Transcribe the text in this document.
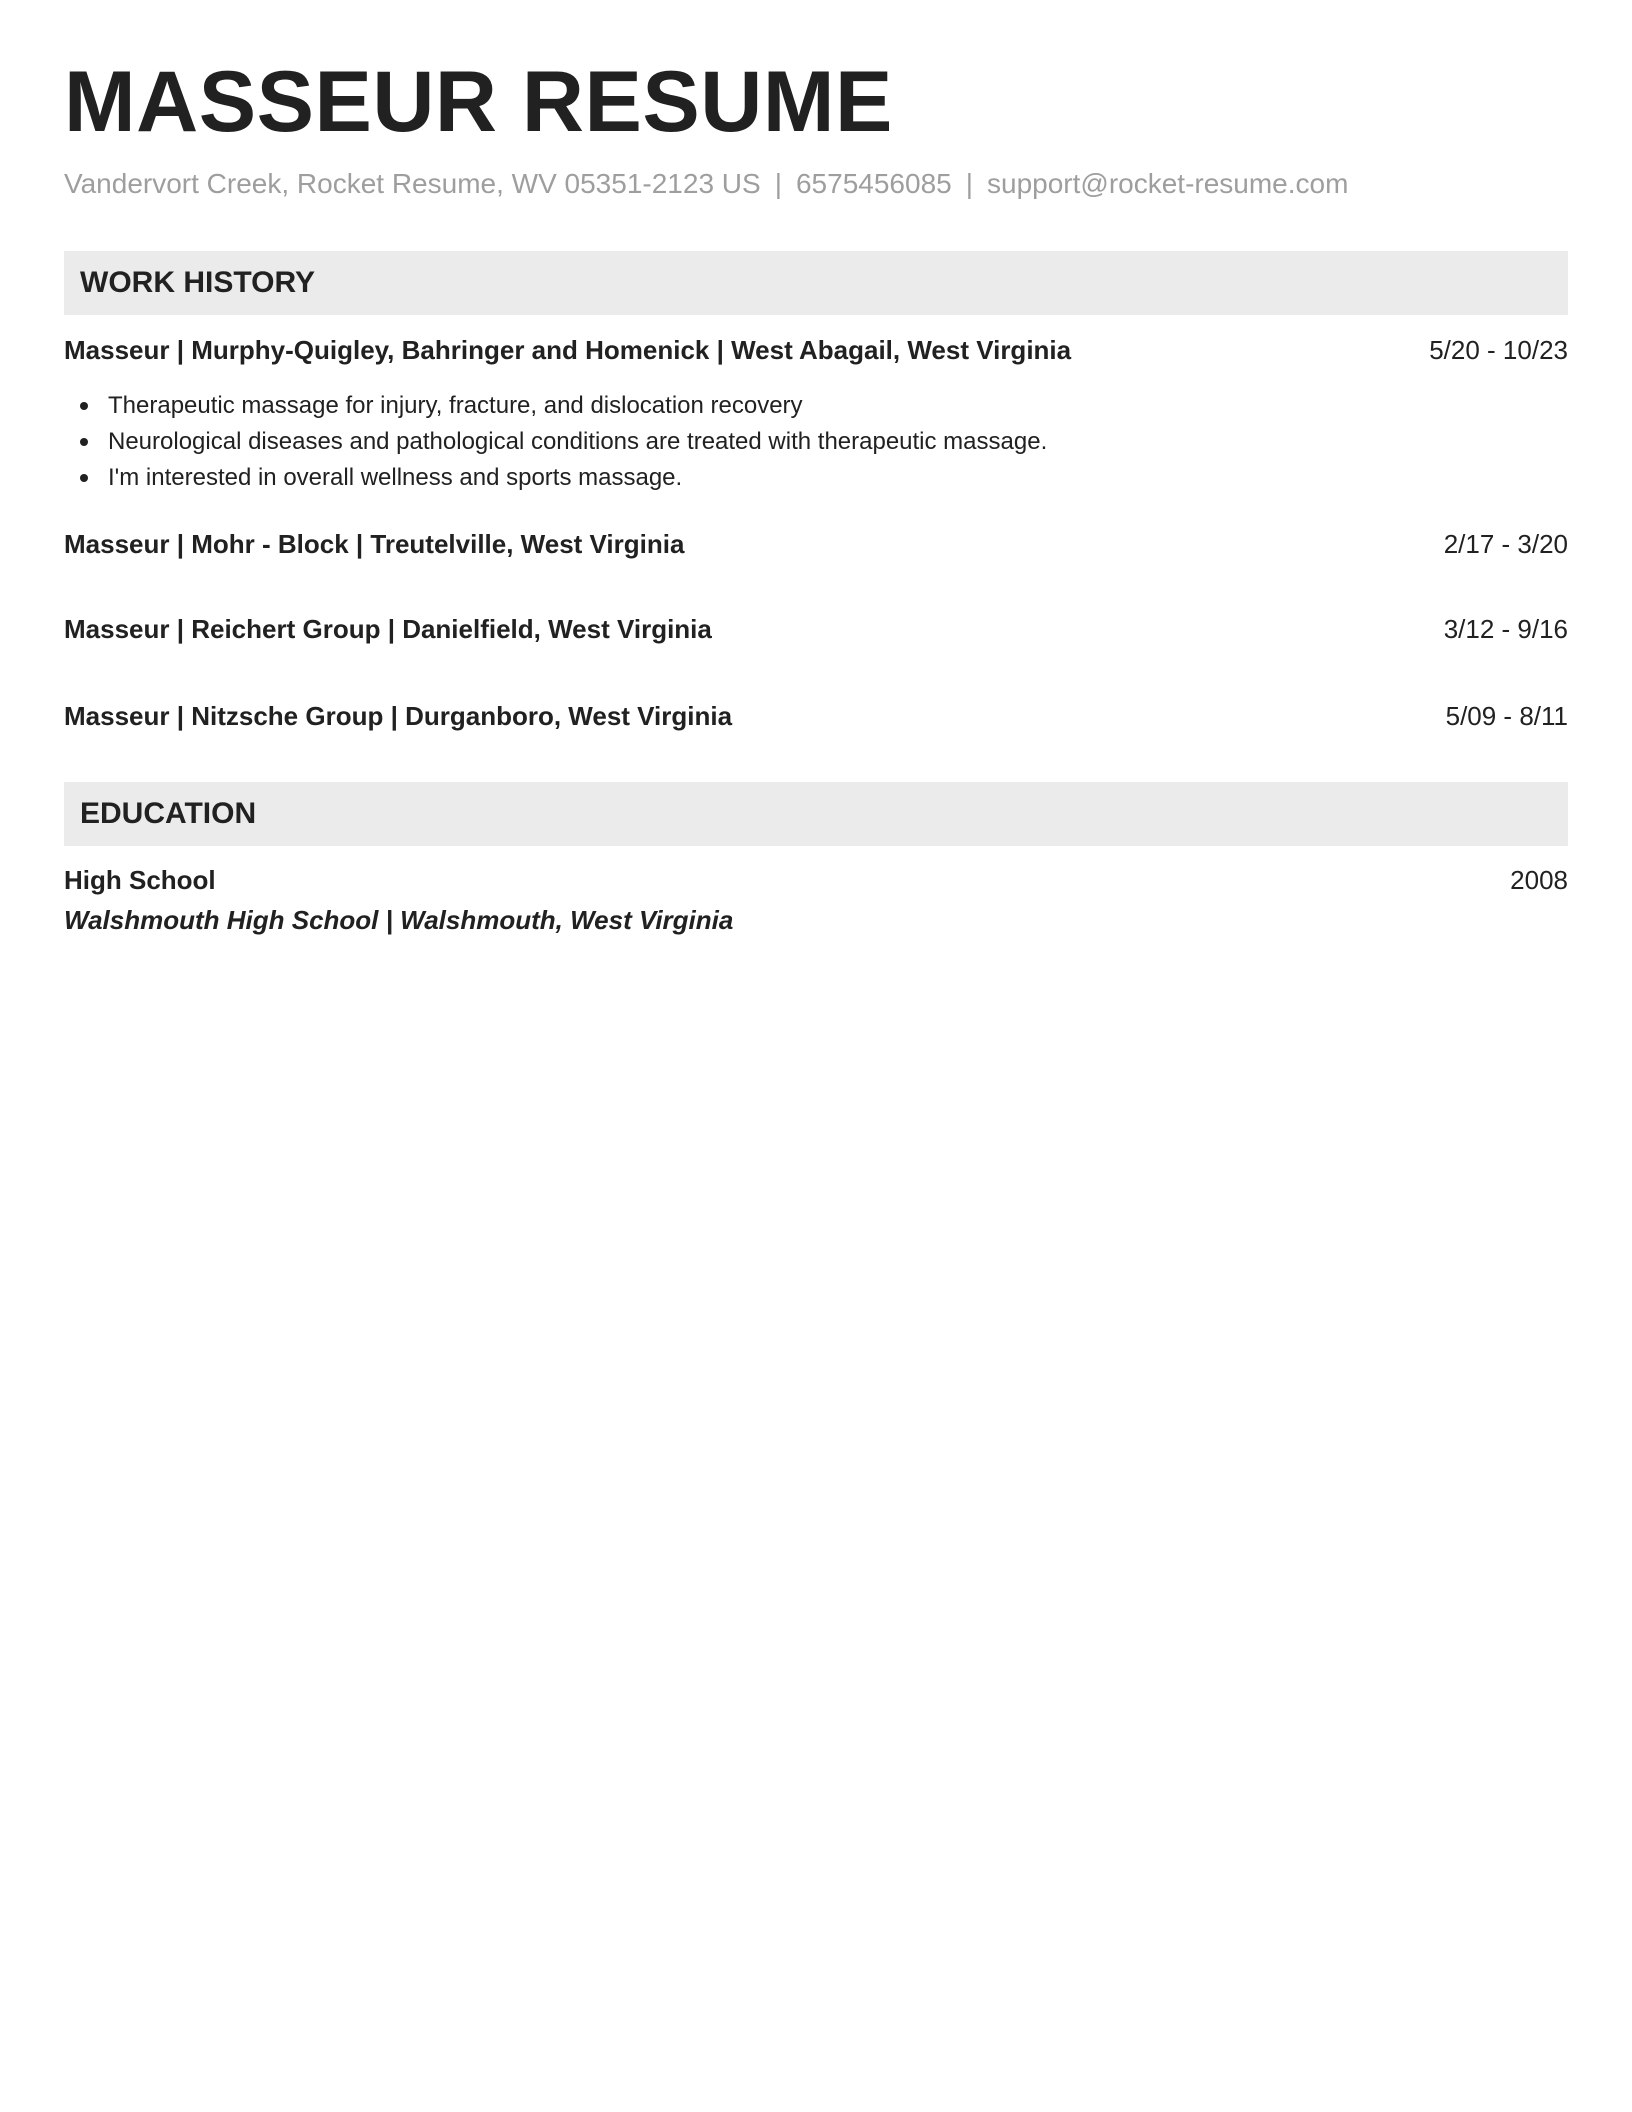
MASSEUR RESUME
Vandervort Creek, Rocket Resume, WV 05351-2123 US | 6575456085 | support@rocket-resume.com
WORK HISTORY
Masseur | Murphy-Quigley, Bahringer and Homenick | West Abagail, West Virginia	5/20 - 10/23
Therapeutic massage for injury, fracture, and dislocation recovery
Neurological diseases and pathological conditions are treated with therapeutic massage.
I'm interested in overall wellness and sports massage.
Masseur | Mohr - Block | Treutelville, West Virginia	2/17 - 3/20
Masseur | Reichert Group | Danielfield, West Virginia	3/12 - 9/16
Masseur | Nitzsche Group | Durganboro, West Virginia	5/09 - 8/11
EDUCATION
High School	2008
Walshmouth High School | Walshmouth, West Virginia
